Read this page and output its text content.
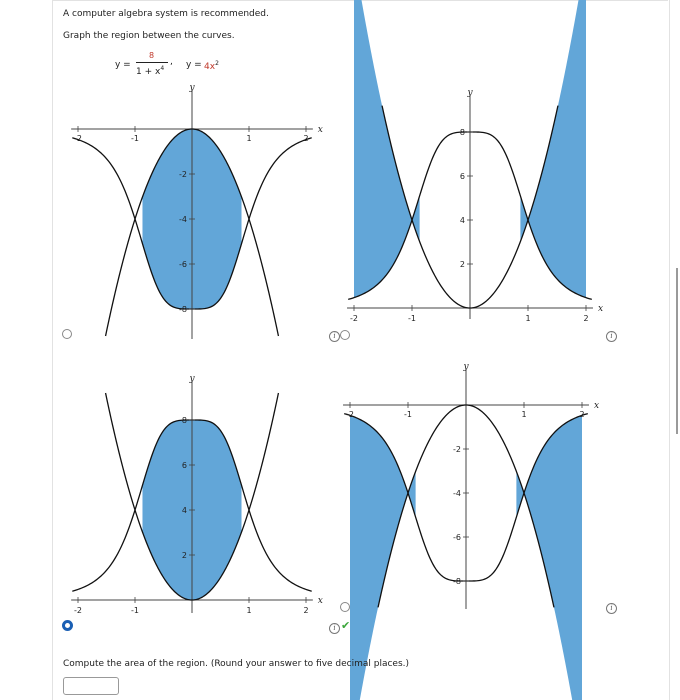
A computer algebra system is recommended.
Graph the region between the curves.
y =
8
$1 + x^4$
, $y = 4x^2$
-2	-1	1	2
-2
-4
-6
-8
y
x
-2	-1	1	2
2
4
6
8
y
x
-2	-1	1	2
2
4
6
8
y
x
-2	-1	1	2
-2
-4
-6
-8
y
x
i	i
i ✔
i
Compute the area of the region. (Round your answer to five decimal places.)
